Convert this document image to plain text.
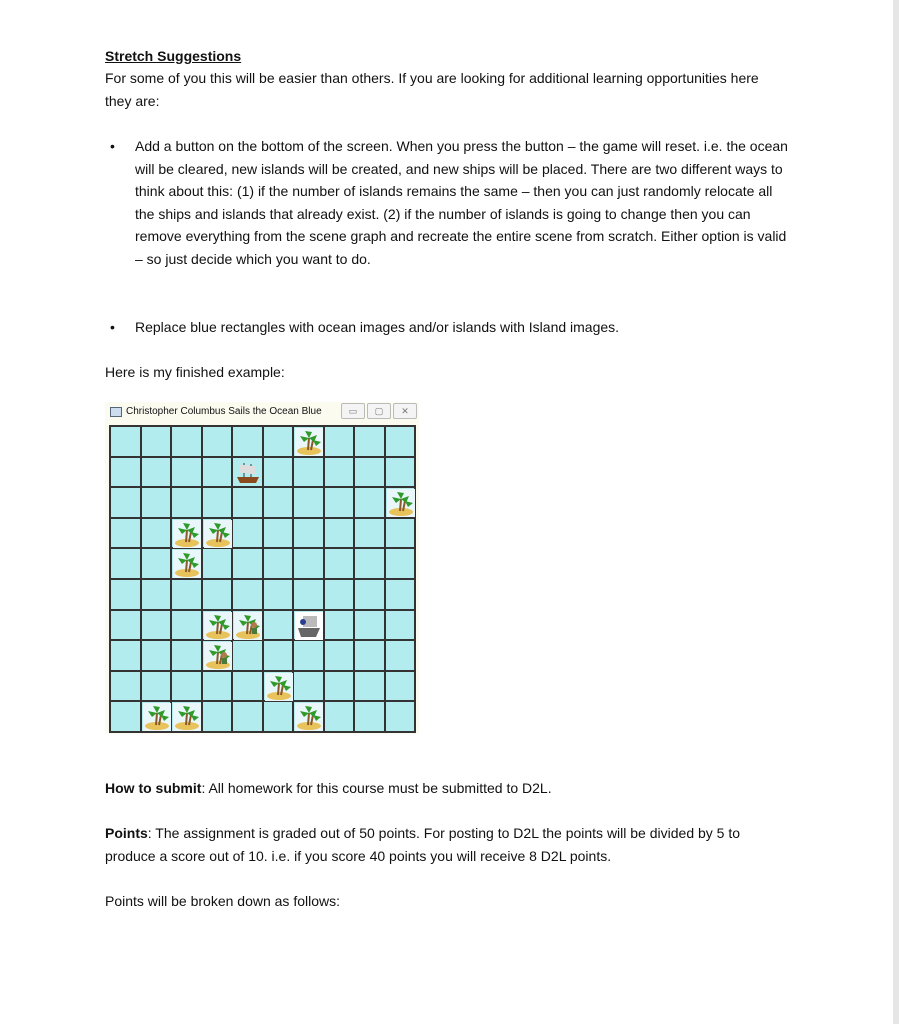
Stretch Suggestions
For some of you this will be easier than others. If you are looking for additional learning opportunities here they are:
• Add a button on the bottom of the screen. When you press the button – the game will reset. i.e. the ocean will be cleared, new islands will be created, and new ships will be placed. There are two different ways to think about this: (1) if the number of islands remains the same – then you can just randomly relocate all the ships and islands that already exist. (2) if the number of islands is going to change then you can remove everything from the scene graph and recreate the entire scene from scratch. Either option is valid – so just decide which you want to do.
• Replace blue rectangles with ocean images and/or islands with Island images.
Here is my finished example:
Christopher Columbus Sails the Ocean Blue	▭	▢	✕
How to submit: All homework for this course must be submitted to D2L.
Points: The assignment is graded out of 50 points. For posting to D2L the points will be divided by 5 to produce a score out of 10. i.e. if you score 40 points you will receive 8 D2L points.
Points will be broken down as follows:
